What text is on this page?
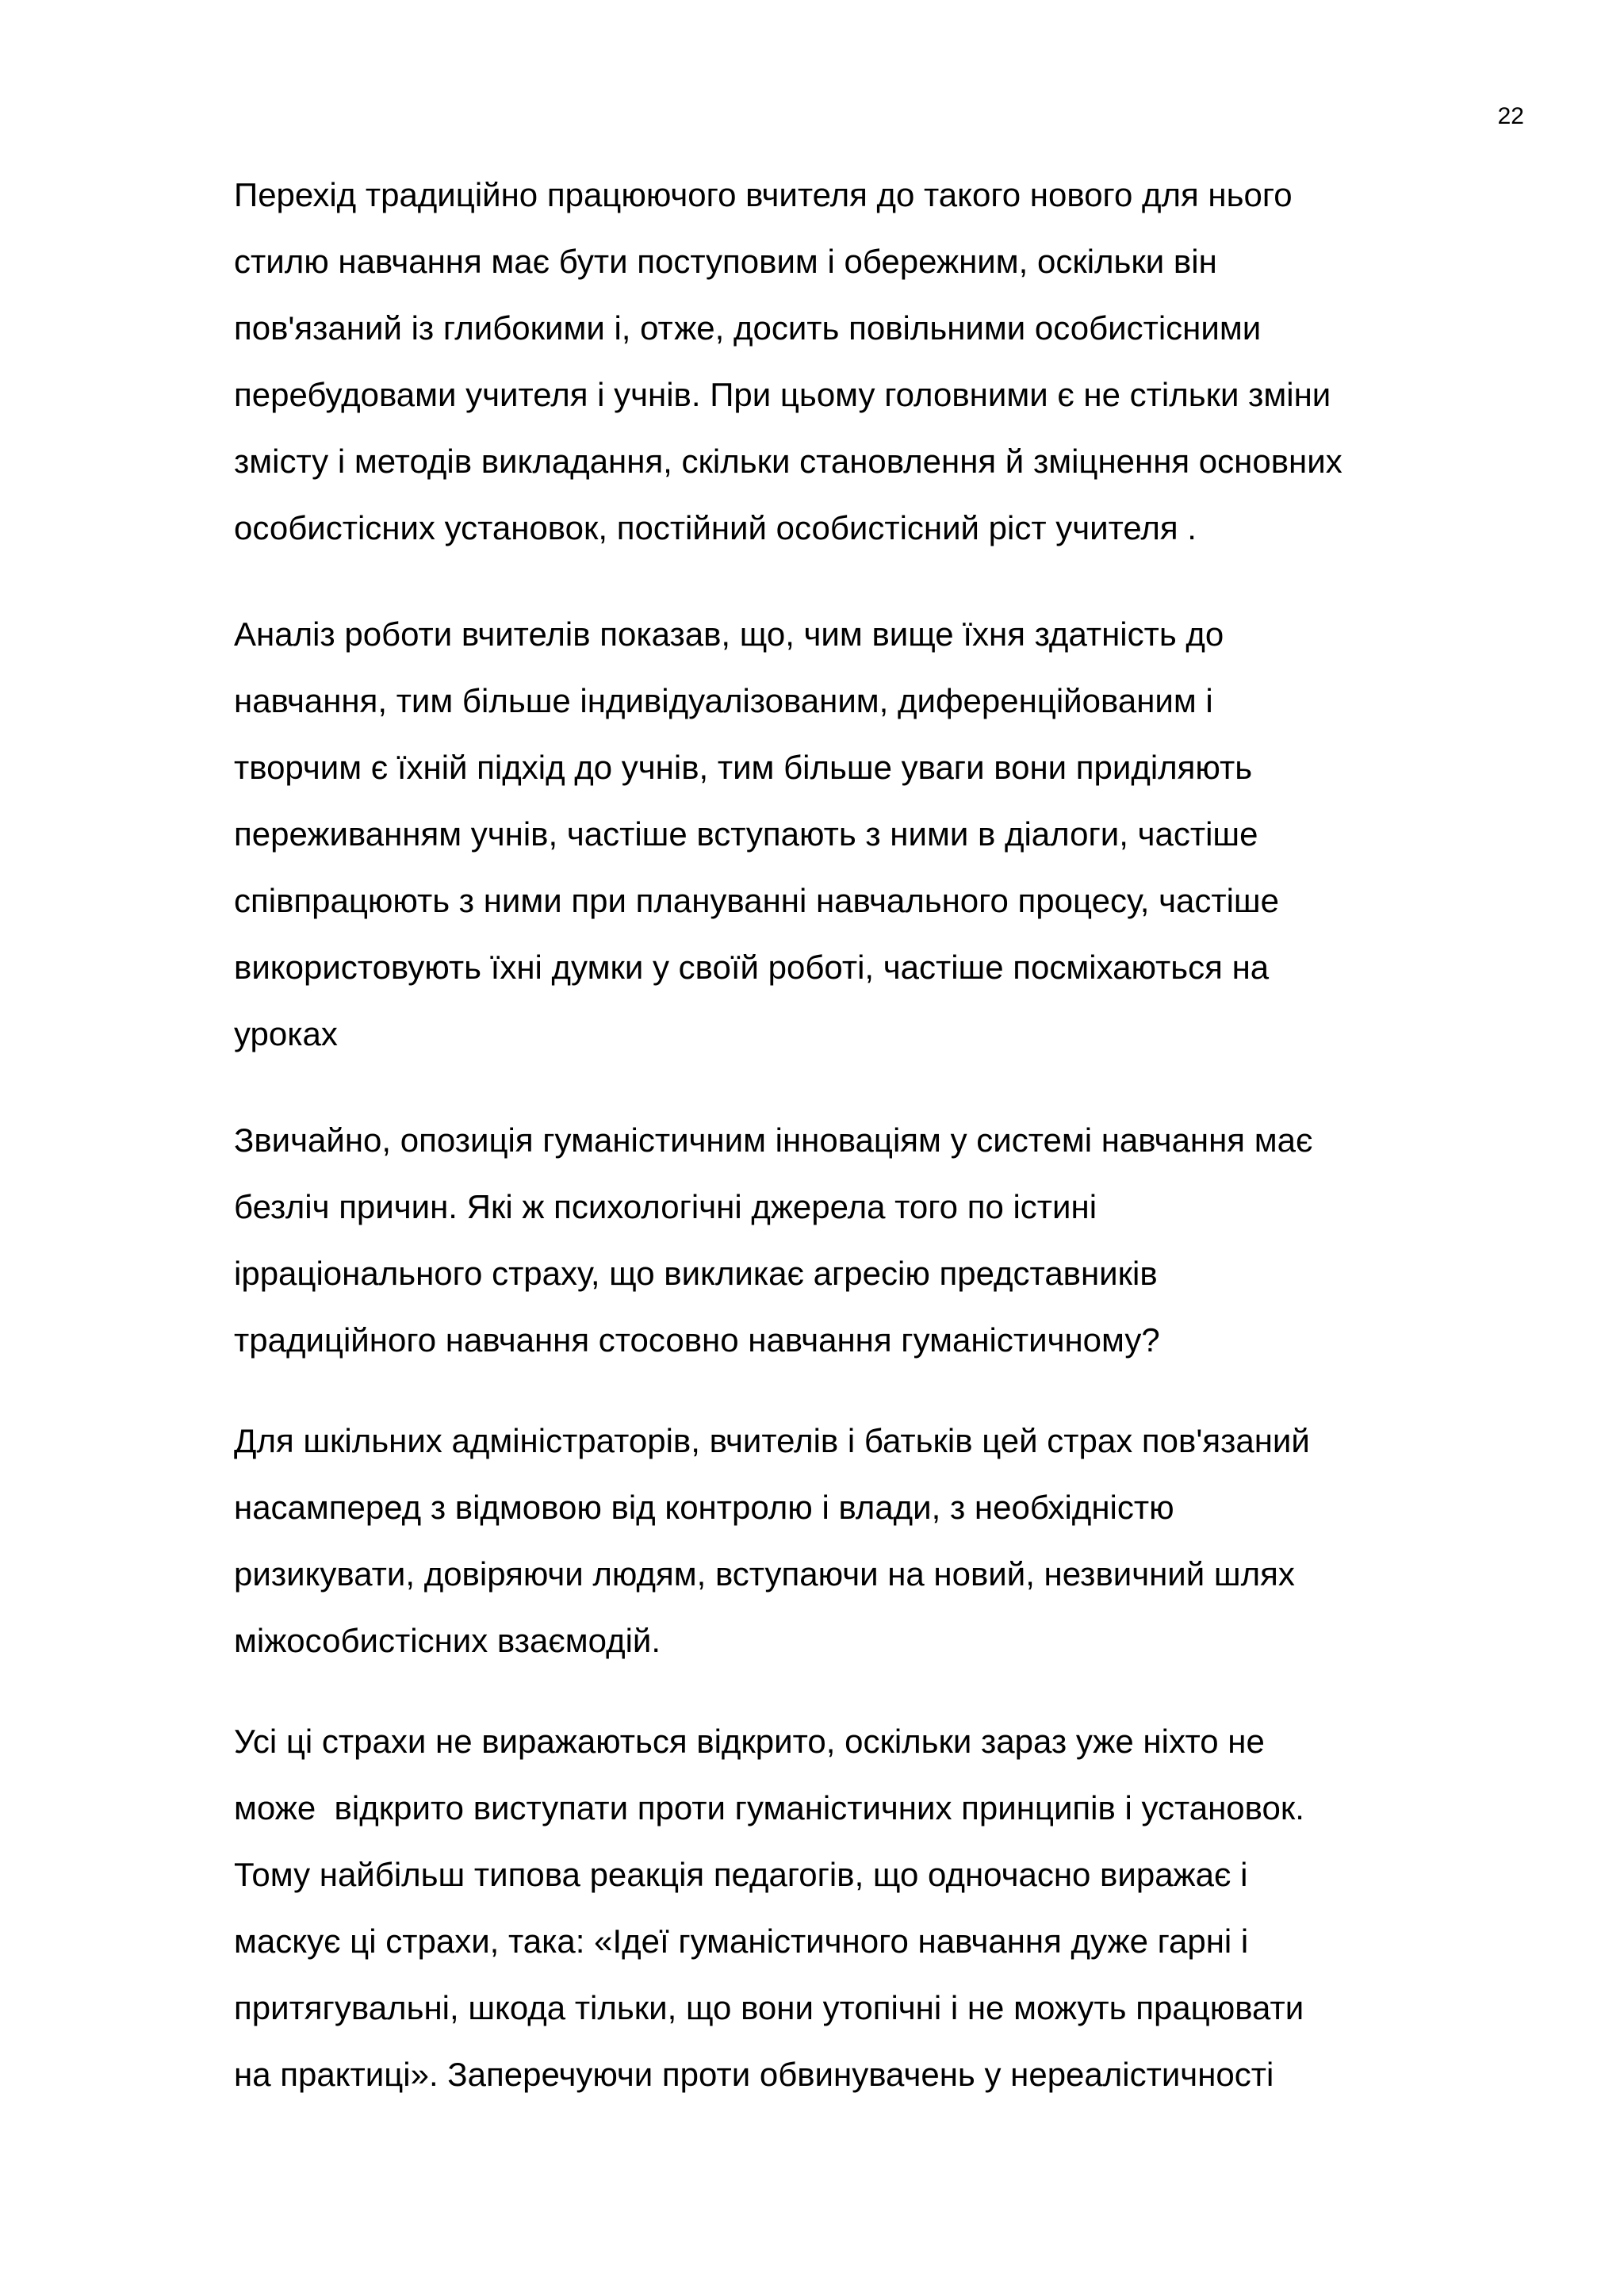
22
Перехід традиційно працюючого вчителя до такого нового для нього
стилю навчання має бути поступовим і обережним, оскільки він
пов'язаний із глибокими і, отже, досить повільними особистісними
перебудовами учителя і учнів. При цьому головними є не стільки зміни
змісту і методів викладання, скільки становлення й зміцнення основних
особистісних установок, постійний особистісний ріст учителя .
Аналіз роботи вчителів показав, що, чим вище їхня здатність до
навчання, тим більше індивідуалізованим, диференційованим і
творчим є їхній підхід до учнів, тим більше уваги вони приділяють
переживанням учнів, частіше вступають з ними в діалоги, частіше
співпрацюють з ними при плануванні навчального процесу, частіше
використовують їхні думки у своїй роботі, частіше посміхаються на
уроках
Звичайно, опозиція гуманістичним інноваціям у системі навчання має
безліч причин. Які ж психологічні джерела того по істині
ірраціонального страху, що викликає агресію представників
традиційного навчання стосовно навчання гуманістичному?
Для шкільних адміністраторів, вчителів і батьків цей страх пов'язаний
насамперед з відмовою від контролю і влади, з необхідністю
ризикувати, довіряючи людям, вступаючи на новий, незвичний шлях
міжособистісних взаємодій.
Усі ці страхи не виражаються відкрито, оскільки зараз уже ніхто не
може  відкрито виступати проти гуманістичних принципів і установок.
Тому найбільш типова реакція педагогів, що одночасно виражає і
маскує ці страхи, така: «Ідеї гуманістичного навчання дуже гарні і
притягувальні, шкода тільки, що вони утопічні і не можуть працювати
на практиці». Заперечуючи проти обвинувачень у нереалістичності
